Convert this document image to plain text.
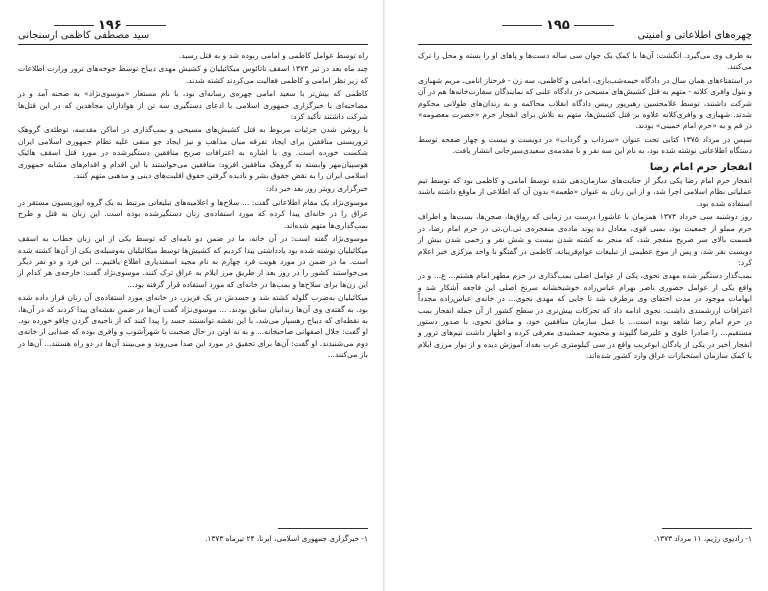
۱۹۶
سید مصطفی کاظمی ارسنجانی

راه توسط عوامل کاظمی و امامی ربوده شد و به قتل رسید.

چند ماه بعد در تیر ۱۳۷۳ اسقف تاتائوس میکائیلیان و کشیش مهدی دیباج توسط جوخه‌های ترور وزارت اطلاعات که زیر نظر امامی و کاظمی فعالیت می‌کردند کشته شدند.

کاظمی که بیش‌تر با سعید امامی چهره‌ی رسانه‌ای بود، با نام مستعار «موسوی‌نژاد» به صحنه آمد و در مصاحبه‌ای با خبرگزاری جمهوری اسلامی با ادعای دستگیری سه تن از هواداران مجاهدین که در این قتل‌ها شرکت داشتند تأکید کرد:

با روشن شدن جزئیات مربوط به قتل کشیش‌های مسیحی و بمب‌گذاری در اماکن مقدسه، توطئه‌ی گروهک تروریستی منافقین برای ایجاد تفرقه میان مذاهب و نیز ایجاد جو منفی علیه نظام جمهوری اسلامی ایران شکست خورده است. وی با اشاره به اعترافات صریح منافقین دستگیرشده در مورد قتل اسقف هائیک هوسپیان‌مهر وابسته به گروهک منافقین افزود: منافقین می‌خواستند با این اقدام و اقدام‌های مشابه جمهوری اسلامی ایران را به نقض حقوق بشر و نادیده گرفتن حقوق اقلیت‌های دینی و مذهبی متهم کنند.

خبرگزاری رویتر روز بعد خبر داد:

موسوی‌نژاد یک مقام اطلاعاتی گفت: ... سلاح‌ها و اعلامیه‌های تبلیغاتی مرتبط به یک گروه اپوزیسیون مستقر در عراق را در خانه‌ای پیدا کرده که مورد استفاده‌ی زنان دستگیرشده بوده است. این زنان به قتل و طرح بمب‌گذاری‌ها متهم شده‌اند.

موسوی‌نژاد گفته است: در آن خانه، ما در ضمن دو نامه‌ای که توسط یکی از این زنان خطاب به اسقف میکائیلیان نوشته شده بود یادداشتی پیدا کردیم که کشیش‌ها توسط میکائیلیان به‌وسیله‌ی یکی از آن‌ها کشته شده است. ما در ضمن در مورد هویت فرد چهارم به نام مجید اسفندیاری اطلاع یافتیم... این فرد و دو نفر دیگر می‌خواستند کشور را در روز بعد از طریق مرز ایلام به عراق ترک کنند. موسوی‌نژاد گفت: خارجه‌ی هر کدام از این زن‌ها برای سلاح‌ها و بمب‌ها در خانه‌ای که مورد استفاده قرار گرفته بود...

میکائیلیان به‌ضرب گلوله کشته شد و جسدش در یک فریزر، در خانه‌ای مورد استفاده‌ی آن زنان قرار داده شده بود. به گفته‌ی وی آن‌ها زندانیان سابق بودند. ... موسوی‌نژاد گفت آن‌ها در ضمن نقشه‌ای پیدا کردند که در آن‌ها، به نقطه‌ای که دیباج رهسپار می‌شد، با این نقشه توانستند جسد را پیدا کنند که از ناحیه‌ی گردن چاقو خورده بود. او گفت: جلال اصفهانی صاحبخانه... و به نه اوتن در حال صحبت با شهرآشوب و وافری بوده که صدایی از خانه‌ی دوم می‌شنیدند. او گفت: آن‌ها برای تحقیق در مورد این صدا می‌روند و می‌بینند آن‌ها در دو راه هستند... آن‌ها در باز می‌کنند...

۱- خبرگزاری جمهوری اسلامی، ایرنا، ۲۴ تیرماه ۱۳۷۳.
۱۹۵
چهره‌های اطلاعاتی و امنیتی

به طرف وی می‌گیرد. انگشت: آن‌ها با کمک یک جوان سی ساله دست‌ها و پاهای او را بسته و محل را ترک می‌کنند.

در استفتاءهای همان سال در دادگاه خیمه‌شب‌بازی، امامی و کاظمی، سه زن - فرحناز انامی، مریم شهبازی و بتول وافری کلانه - متهم به قتل کشیش‌های مسیحی در دادگاه علنی که نمایندگان سفارت‌خانه‌ها هم در آن شرکت داشتند، توسط غلامحسین رهبرپور رییس دادگاه انقلاب محاکمه و به زندان‌های طولانی محکوم شدند. شهبازی و وافری‌کلانه علاوه بر قتل کشیش‌ها، متهم به تلاش برای انفجار حرم «حضرت معصومه» در قم و به «حرم امام خمینی» بودند.

سپس در مرداد ۱۳۷۵ کتابی تحت عنوان «سرداب و گرداب» در دویست و بیست و چهار صفحه توسط دستگاه اطلاعاتی نوشته شده بود، به نام این سه نفر و با مقدمه‌ی سعیدی‌سیرجانی انتشار یافت.

انفجار حرم امام رضا

انفجار حرم امام رضا یکی دیگر از جنایت‌های سازمان‌دهی شده توسط امامی و کاظمی بود که توسط تیم عملیاتی نظام اسلامی اجرا شد، و از این زنان به عنوان «طعمه» بدون آن که اطلاعی از ماوقع داشته باشند استفاده شده بود.

روز دوشنبه سی خرداد ۱۳۷۳ همزمان با عاشورا درست در زمانی که رواق‌ها، صحن‌ها، بست‌ها و اطراف حرم مملو از جمعیت بود، بمبی قوی، معادل ده پوند ماده‌ی منفجره‌ی تی.ان.تی در حرم امام رضا، در قسمت بالای سر ضریح منفجر شد، که منجر به کشته شدن بیست و شش نفر و زخمی شدن بیش از دویست نفر شد، و پس از موج عظیمی از تبلیغات عوام‌فریبانه، کاظمی در گفتگو با واحد مرکزی خبر اعلام کرد:

بمب‌گذار دستگیر شده مهدی نحوی، یکی از عوامل اصلی بمب‌گذاری در حرم مطهر امام هشتم... ع... و در واقع یکی از عوامل حضوری ناصر بهرام عباس‌زاده خوشبخشانه سرنخ اصلی این فاجعه آشکار شد و ابهامات موجود در مدت اختفای وی برطرف شد تا جایی که مهدی نحوی... در خانه‌ی عباس‌زاده مجدداً اعترافات ارزشمندی داشت. نحوی ادامه داد که تحرکات پیش‌تری در سطح کشور از آن جمله انفجار بمب در حرم امام رضا شاهد بوده است... با عمل سازمان منافقین خود، و منافق نحوی، با صدور دستور مستقیم... را صادرا علوی و علیرضا گلپوند و محبوبه جمشیدی معرفی کرده و اظهار داشت تیم‌های ترور و انفجار اخیر در یکی از پادگان ابوغریب واقع در سی کیلومتری غرب بغداد آموزش دیده و از نوار مرزی ایلام با کمک سازمان استخبارات عراق وارد کشور شده‌اند.

۱- رادیوی رژیم، ۱۱ مرداد ۱۳۷۳.
